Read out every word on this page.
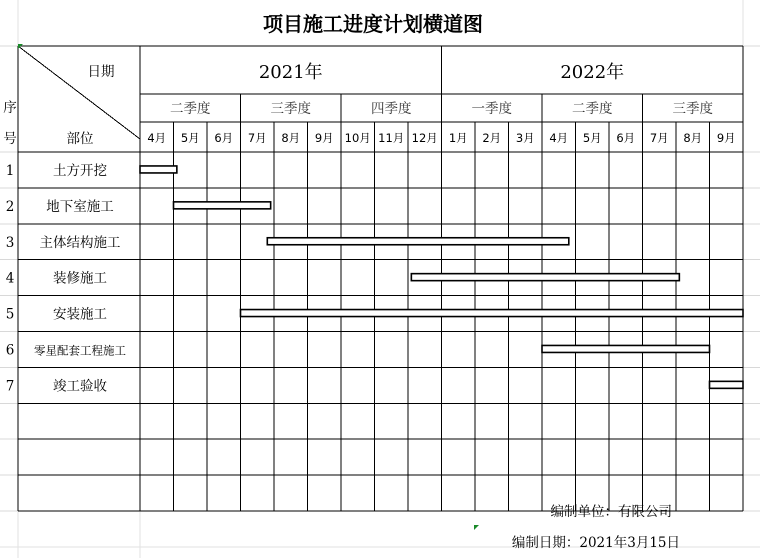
项目施工进度计划横道图
日期
部位
序
号
2021年	2022年
二季度	三季度	四季度	一季度	二季度	三季度
4月 5月 6月 7月 8月 9月 10月 11月 12月 1月 2月 3月 4月 5月 6月 7月 8月 9月
1	土方开挖
2 地下室施工
3 主体结构施工
4	装修施工
5	安装施工
6 零星配套工程施工
7	竣工验收
编制单位：有限公司
编制日期：2021年3月15日
